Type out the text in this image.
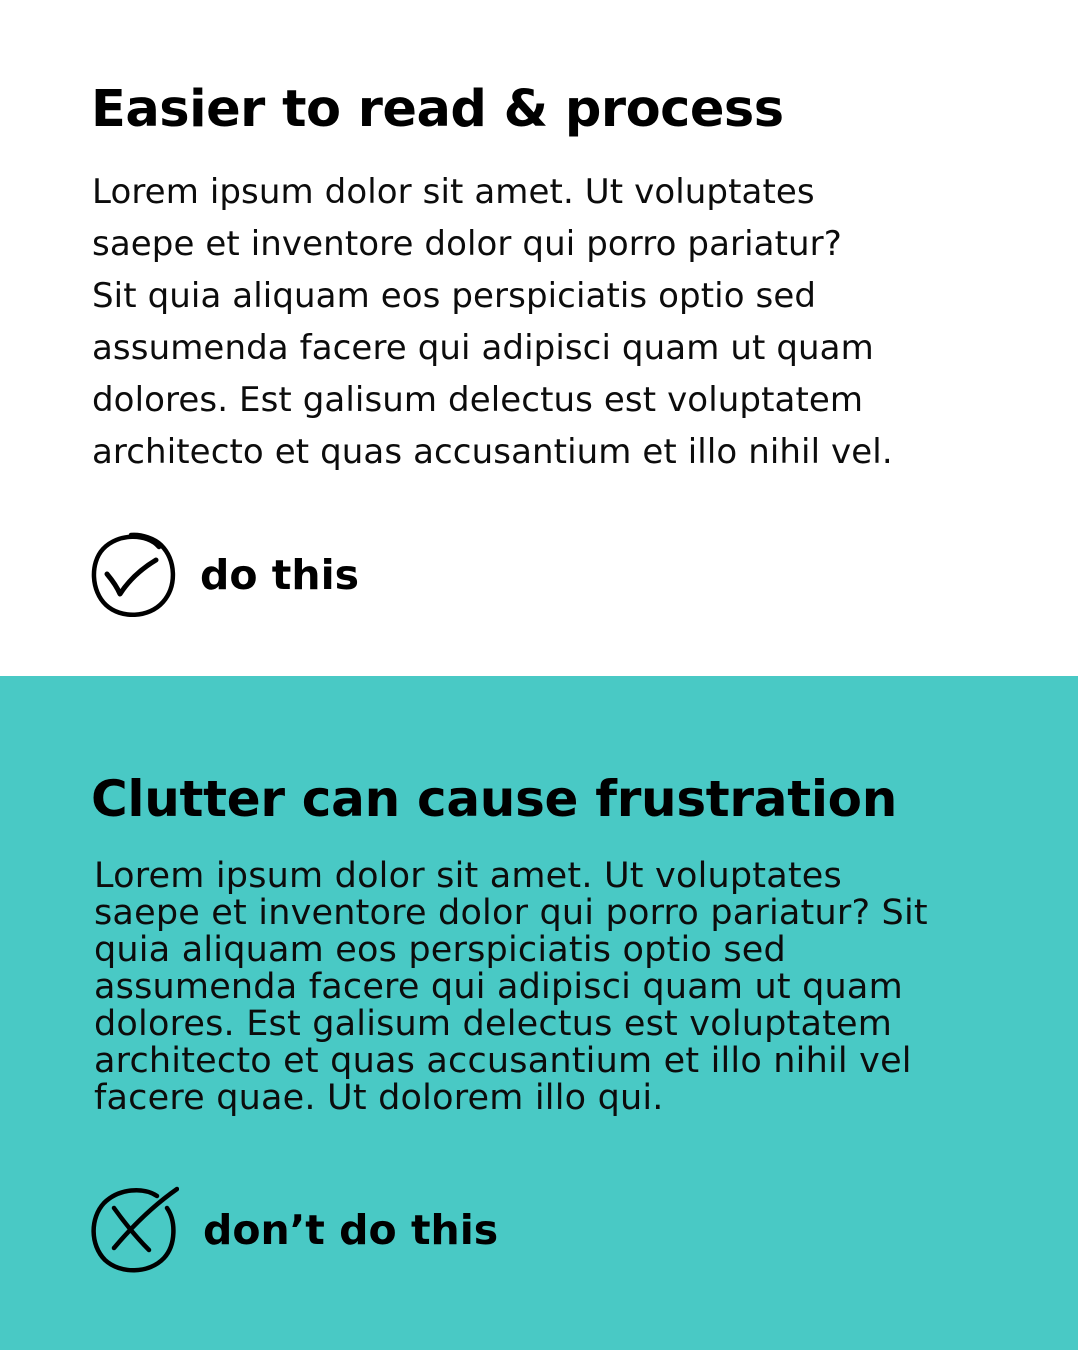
Easier to read & process

Lorem ipsum dolor sit amet. Ut voluptates
saepe et inventore dolor qui porro pariatur?
Sit quia aliquam eos perspiciatis optio sed
assumenda facere qui adipisci quam ut quam
dolores. Est galisum delectus est voluptatem
architecto et quas accusantium et illo nihil vel.

do this
Clutter can cause frustration

Lorem ipsum dolor sit amet. Ut voluptates
saepe et inventore dolor qui porro pariatur? Sit
quia aliquam eos perspiciatis optio sed
assumenda facere qui adipisci quam ut quam
dolores. Est galisum delectus est voluptatem
architecto et quas accusantium et illo nihil vel
facere quae. Ut dolorem illo qui.

don’t do this
